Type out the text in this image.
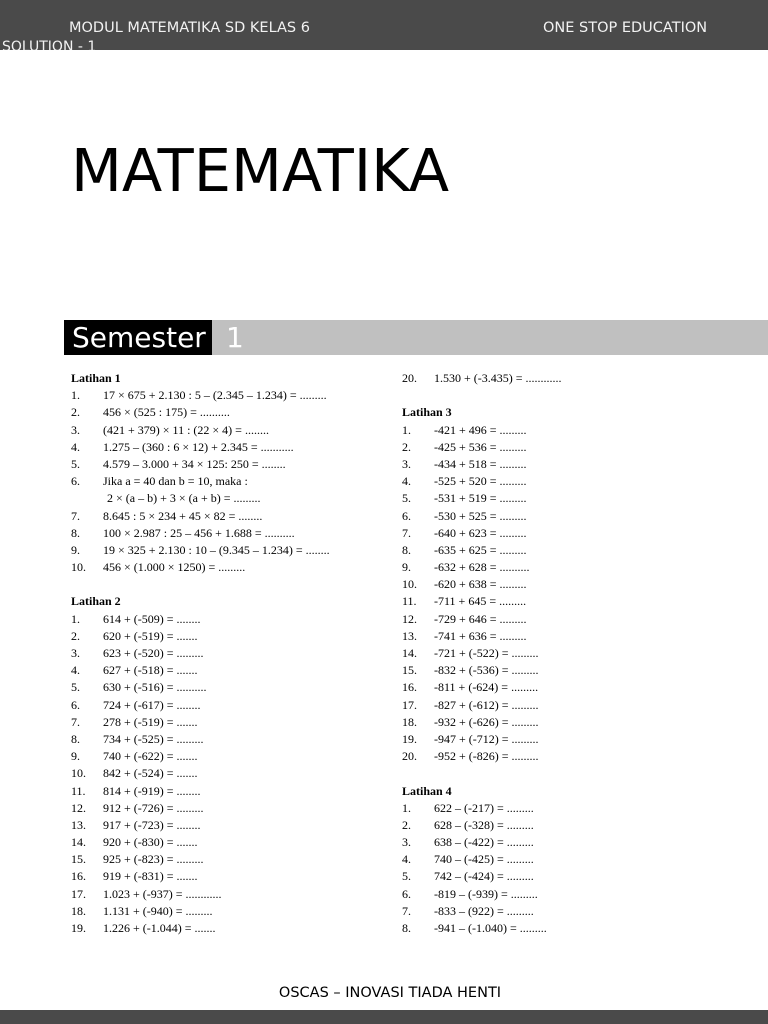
MODUL MATEMATIKA SD KELAS 6	ONE STOP EDUCATION
SOLUTION - 1
MATEMATIKA
Semester 1
Latihan 1
1.	17 × 675 + 2.130 : 5 – (2.345 – 1.234) = .........
2.	456 × (525 : 175) = ..........
3.	(421 + 379) × 11 : (22 × 4) = ........
4.	1.275 – (360 : 6 × 12) + 2.345 = ...........
5.	4.579 – 3.000 + 34 × 125: 250 = ........
6.	Jika a = 40 dan b = 10, maka :
2 × (a – b) + 3 × (a + b) = .........
7.	8.645 : 5 × 234 + 45 × 82 = ........
8.	100 × 2.987 : 25 – 456 + 1.688 = ..........
9.	19 × 325 + 2.130 : 10 – (9.345 – 1.234) = ........
10.	456 × (1.000 × 1250) = .........
Latihan 2
1.	614 + (-509) = ........
2.	620 + (-519) = .......
3.	623 + (-520) = .........
4.	627 + (-518) = .......
5.	630 + (-516) = ..........
6.	724 + (-617) = ........
7.	278 + (-519) = .......
8.	734 + (-525) = .........
9.	740 + (-622) = .......
10.	842 + (-524) = .......
11.	814 + (-919) = ........
12.	912 + (-726) = .........
13.	917 + (-723) = ........
14.	920 + (-830) = .......
15.	925 + (-823) = .........
16.	919 + (-831) = .......
17.	1.023 + (-937) = ............
18.	1.131 + (-940) = .........
19.	1.226 + (-1.044) = .......
20.	1.530 + (-3.435) = ............
Latihan 3
1.	-421 + 496 = .........
2.	-425 + 536 = .........
3.	-434 + 518 = .........
4.	-525 + 520 = .........
5.	-531 + 519 = .........
6.	-530 + 525 = .........
7.	-640 + 623 = .........
8.	-635 + 625 = .........
9.	-632 + 628 = ..........
10.	-620 + 638 = .........
11.	-711 + 645 = .........
12.	-729 + 646 = .........
13.	-741 + 636 = .........
14.	-721 + (-522) = .........
15.	-832 + (-536) = .........
16.	-811 + (-624) = .........
17.	-827 + (-612) = .........
18.	-932 + (-626) = .........
19.	-947 + (-712) = .........
20.	-952 + (-826) = .........
Latihan 4
1.	622 – (-217) = .........
2.	628 – (-328) = .........
3.	638 – (-422) = .........
4.	740 – (-425) = .........
5.	742 – (-424) = .........
6.	-819 – (-939) = .........
7.	-833 – (922) = .........
8.	-941 – (-1.040) = .........
OSCAS – INOVASI TIADA HENTI
